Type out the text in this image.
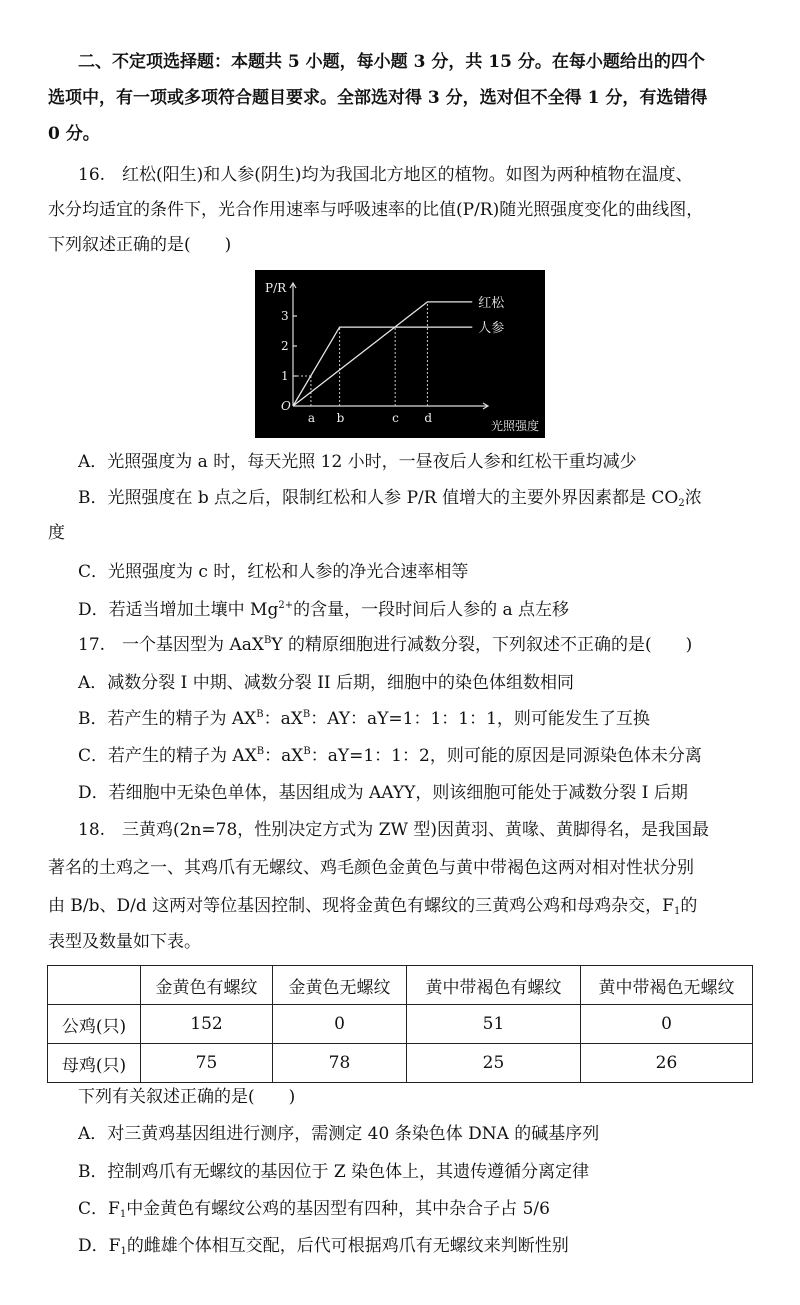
二、不定项选择题：本题共 5 小题，每小题 3 分，共 15 分。在每小题给出的四个
选项中，有一项或多项符合题目要求。全部选对得 3 分，选对但不全得 1 分，有选错得
0 分。
16.　红松(阳生)和人参(阴生)均为我国北方地区的植物。如图为两种植物在温度、
水分均适宜的条件下，光合作用速率与呼吸速率的比值(P/R)随光照强度变化的曲线图，
下列叙述正确的是(　　)
P/R
光照强度
O
1
2
3
a b	c d
红松
人参
A．光照强度为 a 时，每天光照 12 小时，一昼夜后人参和红松干重均减少
B．光照强度在 b 点之后，限制红松和人参 P/R 值增大的主要外界因素都是 $CO_2$浓
度
C．光照强度为 c 时，红松和人参的净光合速率相等
D．若适当增加土壤中 $Mg^{2+}$的含量，一段时间后人参的 a 点左移
17.　一个基因型为 AaX$^B$Y 的精原细胞进行减数分裂，下列叙述不正确的是(　　)
A．减数分裂 I 中期、减数分裂 II 后期，细胞中的染色体组数相同
B．若产生的精子为 $AX^B$：$aX^B$：AY：aY=1：1：1：1，则可能发生了互换
C．若产生的精子为 $AX^B$：$aX^B$：aY=1：1：2，则可能的原因是同源染色体未分离
D．若细胞中无染色单体，基因组成为 AAYY，则该细胞可能处于减数分裂 I 后期
18.　三黄鸡(2n=78，性别决定方式为 ZW 型)因黄羽、黄喙、黄脚得名，是我国最
著名的土鸡之一、其鸡爪有无螺纹、鸡毛颜色金黄色与黄中带褐色这两对相对性状分别
由 B/b、D/d 这两对等位基因控制、现将金黄色有螺纹的三黄鸡公鸡和母鸡杂交，$F_1$的
表型及数量如下表。
	金黄色有螺纹	金黄色无螺纹	黄中带褐色有螺纹	黄中带褐色无螺纹
公鸡(只)	152	0	51	0
母鸡(只)	75	78	25	26
下列有关叙述正确的是(　　)
A．对三黄鸡基因组进行测序，需测定 40 条染色体 DNA 的碱基序列
B．控制鸡爪有无螺纹的基因位于 Z 染色体上，其遗传遵循分离定律
C．$F_1$中金黄色有螺纹公鸡的基因型有四种，其中杂合子占 5/6
D．$F_1$的雌雄个体相互交配，后代可根据鸡爪有无螺纹来判断性别
